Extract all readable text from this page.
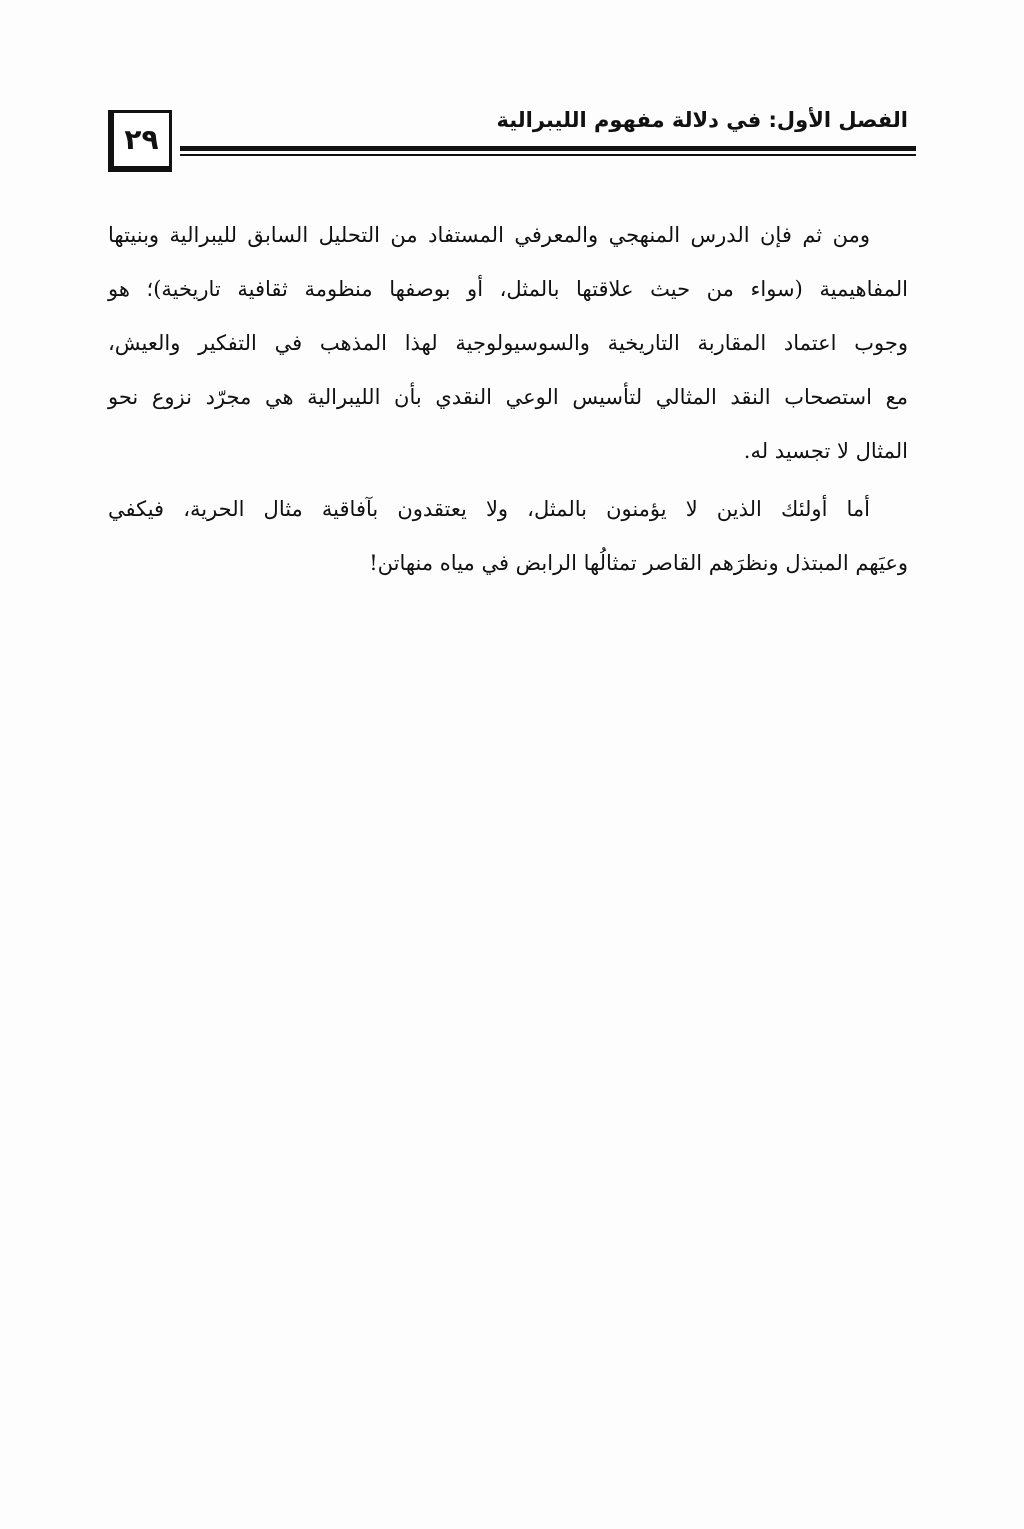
الفصل الأول: في دلالة مفهوم الليبرالية
٢٩

ومن ثم فإن الدرس المنهجي والمعرفي المستفاد من التحليل السابق لليبرالية وبنيتها
المفاهيمية (سواء من حيث علاقتها بالمثل، أو بوصفها منظومة ثقافية تاريخية)؛ هو
وجوب اعتماد المقاربة التاريخية والسوسيولوجية لهذا المذهب في التفكير والعيش،
مع استصحاب النقد المثالي لتأسيس الوعي النقدي بأن الليبرالية هي مجرّد نزوع نحو
المثال لا تجسيد له.

أما أولئك الذين لا يؤمنون بالمثل، ولا يعتقدون بآفاقية مثال الحرية، فيكفي
وعيَهم المبتذل ونظرَهم القاصر تمثالُها الرابض في مياه منهاتن!
